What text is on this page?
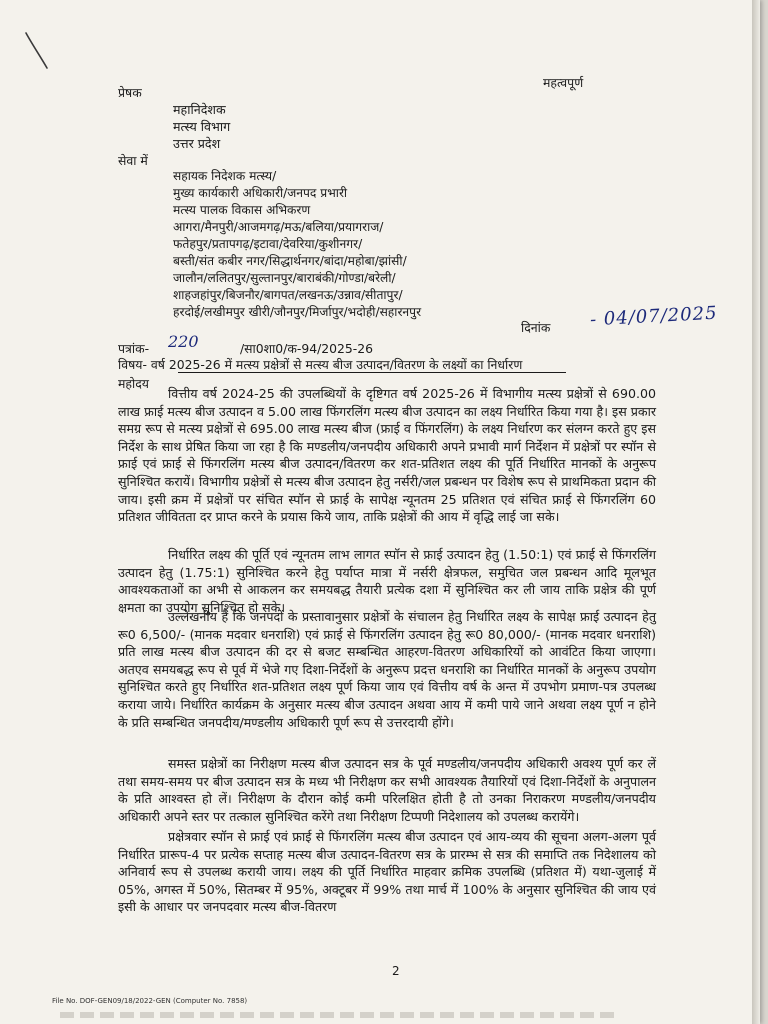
महत्वपूर्ण
प्रेषक
महानिदेशक
मत्स्य विभाग
उत्तर प्रदेश
सेवा में
सहायक निदेशक मत्स्य/
मुख्य कार्यकारी अधिकारी/जनपद प्रभारी
मत्स्य पालक विकास अभिकरण
आगरा/मैनपुरी/आजमगढ़/मऊ/बलिया/प्रयागराज/
फतेहपुर/प्रतापगढ़/इटावा/देवरिया/कुशीनगर/
बस्ती/संत कबीर नगर/सिद्धार्थनगर/बांदा/महोबा/झांसी/
जालौन/ललितपुर/सुल्तानपुर/बाराबंकी/गोण्डा/बरेली/
शाहजहांपुर/बिजनौर/बागपत/लखनऊ/उन्नाव/सीतापुर/
हरदोई/लखीमपुर खीरी/जौनपुर/मिर्जापुर/भदोही/सहारनपुर
दिनांक - 04/07/2025
पत्रांक- 220	/सा0शा0/क-94/2025-26
विषय- वर्ष 2025-26 में मत्स्य प्रक्षेत्रों से मत्स्य बीज उत्पादन/वितरण के लक्ष्यों का निर्धारण
महोदय

वित्तीय वर्ष 2024-25 की उपलब्धियों के दृष्टिगत वर्ष 2025-26 में विभागीय मत्स्य प्रक्षेत्रों से 690.00 लाख फ्राई मत्स्य बीज उत्पादन व 5.00 लाख फिंगरलिंग मत्स्य बीज उत्पादन का लक्ष्य निर्धारित किया गया है। इस प्रकार समग्र रूप से मत्स्य प्रक्षेत्रों से 695.00 लाख मत्स्य बीज (फ्राई व फिंगरलिंग) के लक्ष्य निर्धारण कर संलग्न करते हुए इस निर्देश के साथ प्रेषित किया जा रहा है कि मण्डलीय/जनपदीय अधिकारी अपने प्रभावी मार्ग निर्देशन में प्रक्षेत्रों पर स्पॉन से फ्राई एवं फ्राई से फिंगरलिंग मत्स्य बीज उत्पादन/वितरण कर शत-प्रतिशत लक्ष्य की पूर्ति निर्धारित मानकों के अनुरूप सुनिश्चित करायें। विभागीय प्रक्षेत्रों से मत्स्य बीज उत्पादन हेतु नर्सरी/जल प्रबन्धन पर विशेष रूप से प्राथमिकता प्रदान की जाय। इसी क्रम में प्रक्षेत्रों पर संचित स्पॉन से फ्राई के सापेक्ष न्यूनतम 25 प्रतिशत एवं संचित फ्राई से फिंगरलिंग 60 प्रतिशत जीवितता दर प्राप्त करने के प्रयास किये जाय, ताकि प्रक्षेत्रों की आय में वृद्धि लाई जा सके।

निर्धारित लक्ष्य की पूर्ति एवं न्यूनतम लाभ लागत स्पॉन से फ्राई उत्पादन हेतु (1.50:1) एवं फ्राई से फिंगरलिंग उत्पादन हेतु (1.75:1) सुनिश्चित करने हेतु पर्याप्त मात्रा में नर्सरी क्षेत्रफल, समुचित जल प्रबन्धन आदि मूलभूत आवश्यकताओं का अभी से आकलन कर समयबद्ध तैयारी प्रत्येक दशा में सुनिश्चित कर ली जाय ताकि प्रक्षेत्र की पूर्ण क्षमता का उपयोग सुनिश्चित हो सके।

उल्लेखनीय है कि जनपदों के प्रस्तावानुसार प्रक्षेत्रों के संचालन हेतु निर्धारित लक्ष्य के सापेक्ष फ्राई उत्पादन हेतु रू0 6,500/- (मानक मदवार धनराशि) एवं फ्राई से फिंगरलिंग उत्पादन हेतु रू0 80,000/- (मानक मदवार धनराशि) प्रति लाख मत्स्य बीज उत्पादन की दर से बजट सम्बन्धित आहरण-वितरण अधिकारियों को आवंटित किया जाएगा। अतएव समयबद्ध रूप से पूर्व में भेजे गए दिशा-निर्देशों के अनुरूप प्रदत्त धनराशि का निर्धारित मानकों के अनुरूप उपयोग सुनिश्चित करते हुए निर्धारित शत-प्रतिशत लक्ष्य पूर्ण किया जाय एवं वित्तीय वर्ष के अन्त में उपभोग प्रमाण-पत्र उपलब्ध कराया जाये। निर्धारित कार्यक्रम के अनुसार मत्स्य बीज उत्पादन अथवा आय में कमी पाये जाने अथवा लक्ष्य पूर्ण न होने के प्रति सम्बन्धित जनपदीय/मण्डलीय अधिकारी पूर्ण रूप से उत्तरदायी होंगे।

समस्त प्रक्षेत्रों का निरीक्षण मत्स्य बीज उत्पादन सत्र के पूर्व मण्डलीय/जनपदीय अधिकारी अवश्य पूर्ण कर लें तथा समय-समय पर बीज उत्पादन सत्र के मध्य भी निरीक्षण कर सभी आवश्यक तैयारियों एवं दिशा-निर्देशों के अनुपालन के प्रति आश्वस्त हो लें। निरीक्षण के दौरान कोई कमी परिलक्षित होती है तो उनका निराकरण मण्डलीय/जनपदीय अधिकारी अपने स्तर पर तत्काल सुनिश्चित करेंगे तथा निरीक्षण टिप्पणी निदेशालय को उपलब्ध करायेंगे।

प्रक्षेत्रवार स्पॉन से फ्राई एवं फ्राई से फिंगरलिंग मत्स्य बीज उत्पादन एवं आय-व्यय की सूचना अलग-अलग पूर्व निर्धारित प्रारूप-4 पर प्रत्येक सप्ताह मत्स्य बीज उत्पादन-वितरण सत्र के प्रारम्भ से सत्र की समाप्ति तक निदेशालय को अनिवार्य रूप से उपलब्ध करायी जाय। लक्ष्य की पूर्ति निर्धारित माहवार क्रमिक उपलब्धि (प्रतिशत में) यथा-जुलाई में 05%, अगस्त में 50%, सितम्बर में 95%, अक्टूबर में 99% तथा मार्च में 100% के अनुसार सुनिश्चित की जाय एवं इसी के आधार पर जनपदवार मत्स्य बीज-वितरण

2
File No. DOF-GEN09/18/2022-GEN (Computer No. 7858)
